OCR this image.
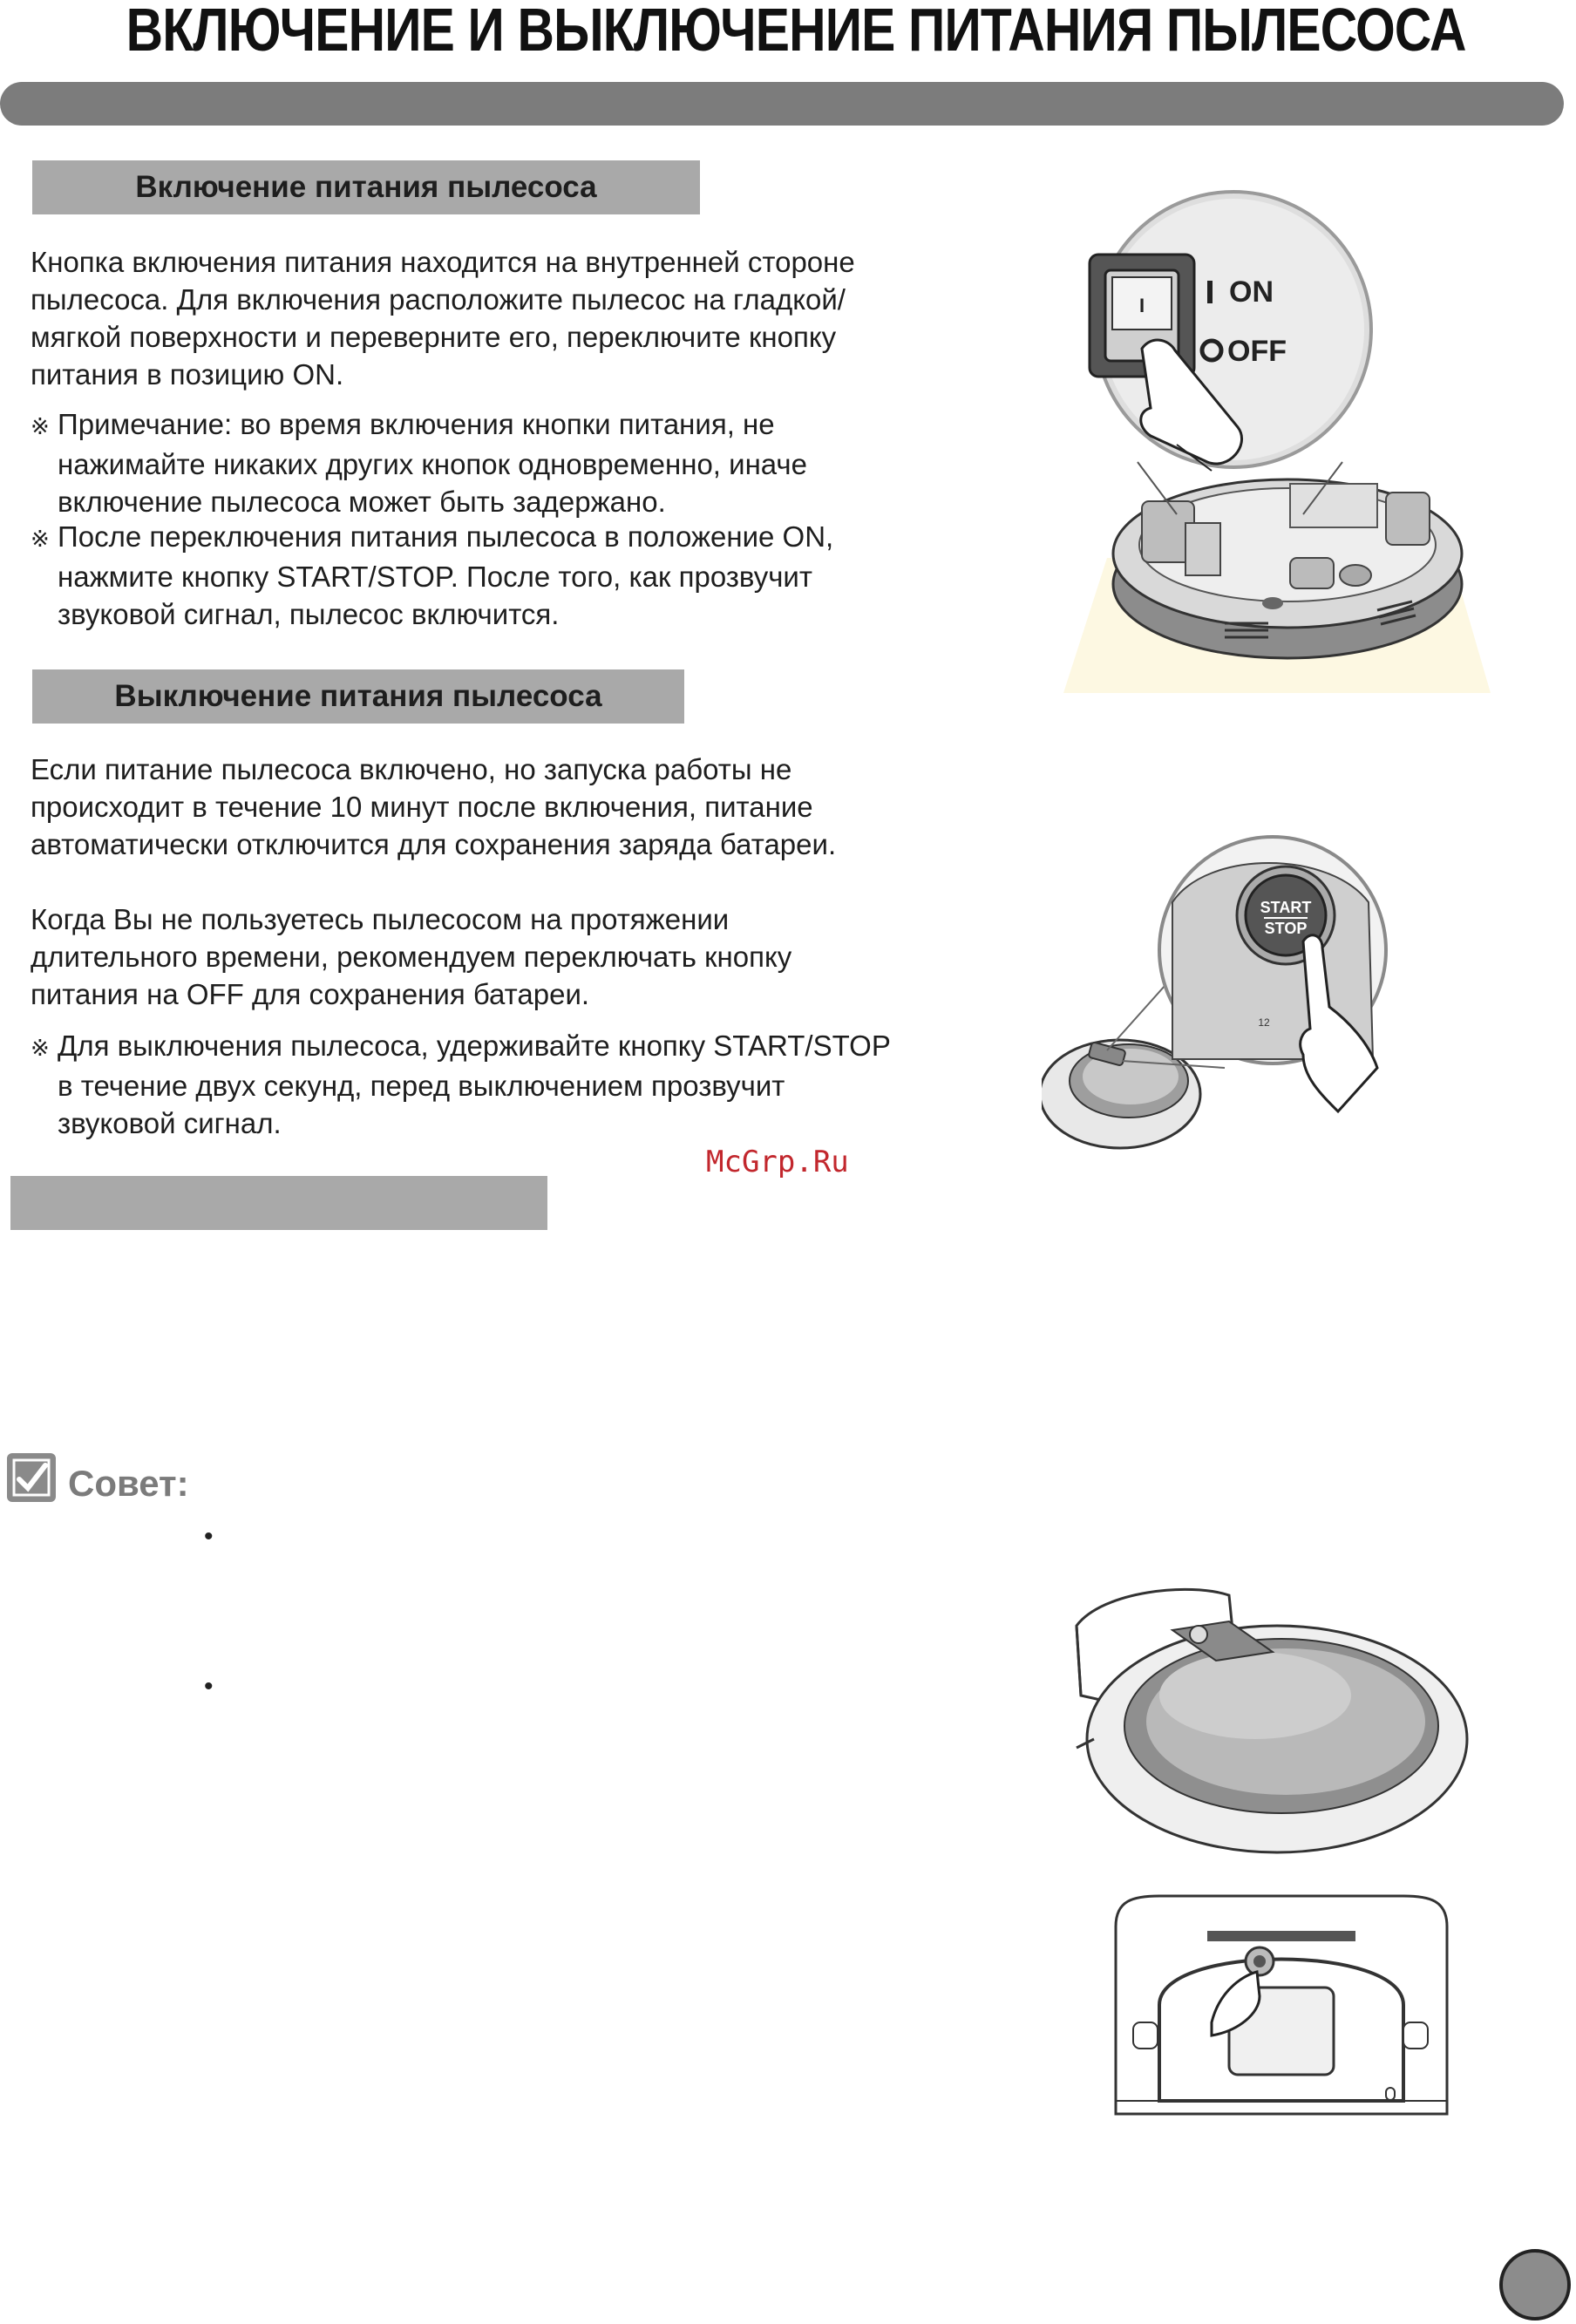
ВКЛЮЧЕНИЕ И ВЫКЛЮЧЕНИЕ ПИТАНИЯ ПЫЛЕСОСА
Включение питания пылесоса
Кнопка включения питания находится на внутренней стороне пылесоса. Для включения расположите пылесос на гладкой/мягкой поверхности и переверните его, переключите кнопку питания в позицию ON.
※ Примечание: во время включения кнопки питания, не нажимайте никаких других кнопок одновременно, иначе включение пылесоса может быть задержано.
※ После переключения питания пылесоса в положение ON, нажмите кнопку START/STOP. После того, как прозвучит звуковой сигнал, пылесос включится.
Выключение питания пылесоса
Если питание пылесоса включено, но запуска работы не происходит в течение 10 минут после включения, питание автоматически отключится для сохранения заряда батареи.
Когда Вы не пользуетесь пылесосом на протяжении длительного времени, рекомендуем переключать кнопку питания на OFF для сохранения батареи.
※ Для выключения пылесоса, удерживайте кнопку START/STOP в течение двух секунд, перед выключением прозвучит звуковой сигнал.
McGrp.Ru
Совет:
•
•
I	ON
OFF
START
STOP
12
